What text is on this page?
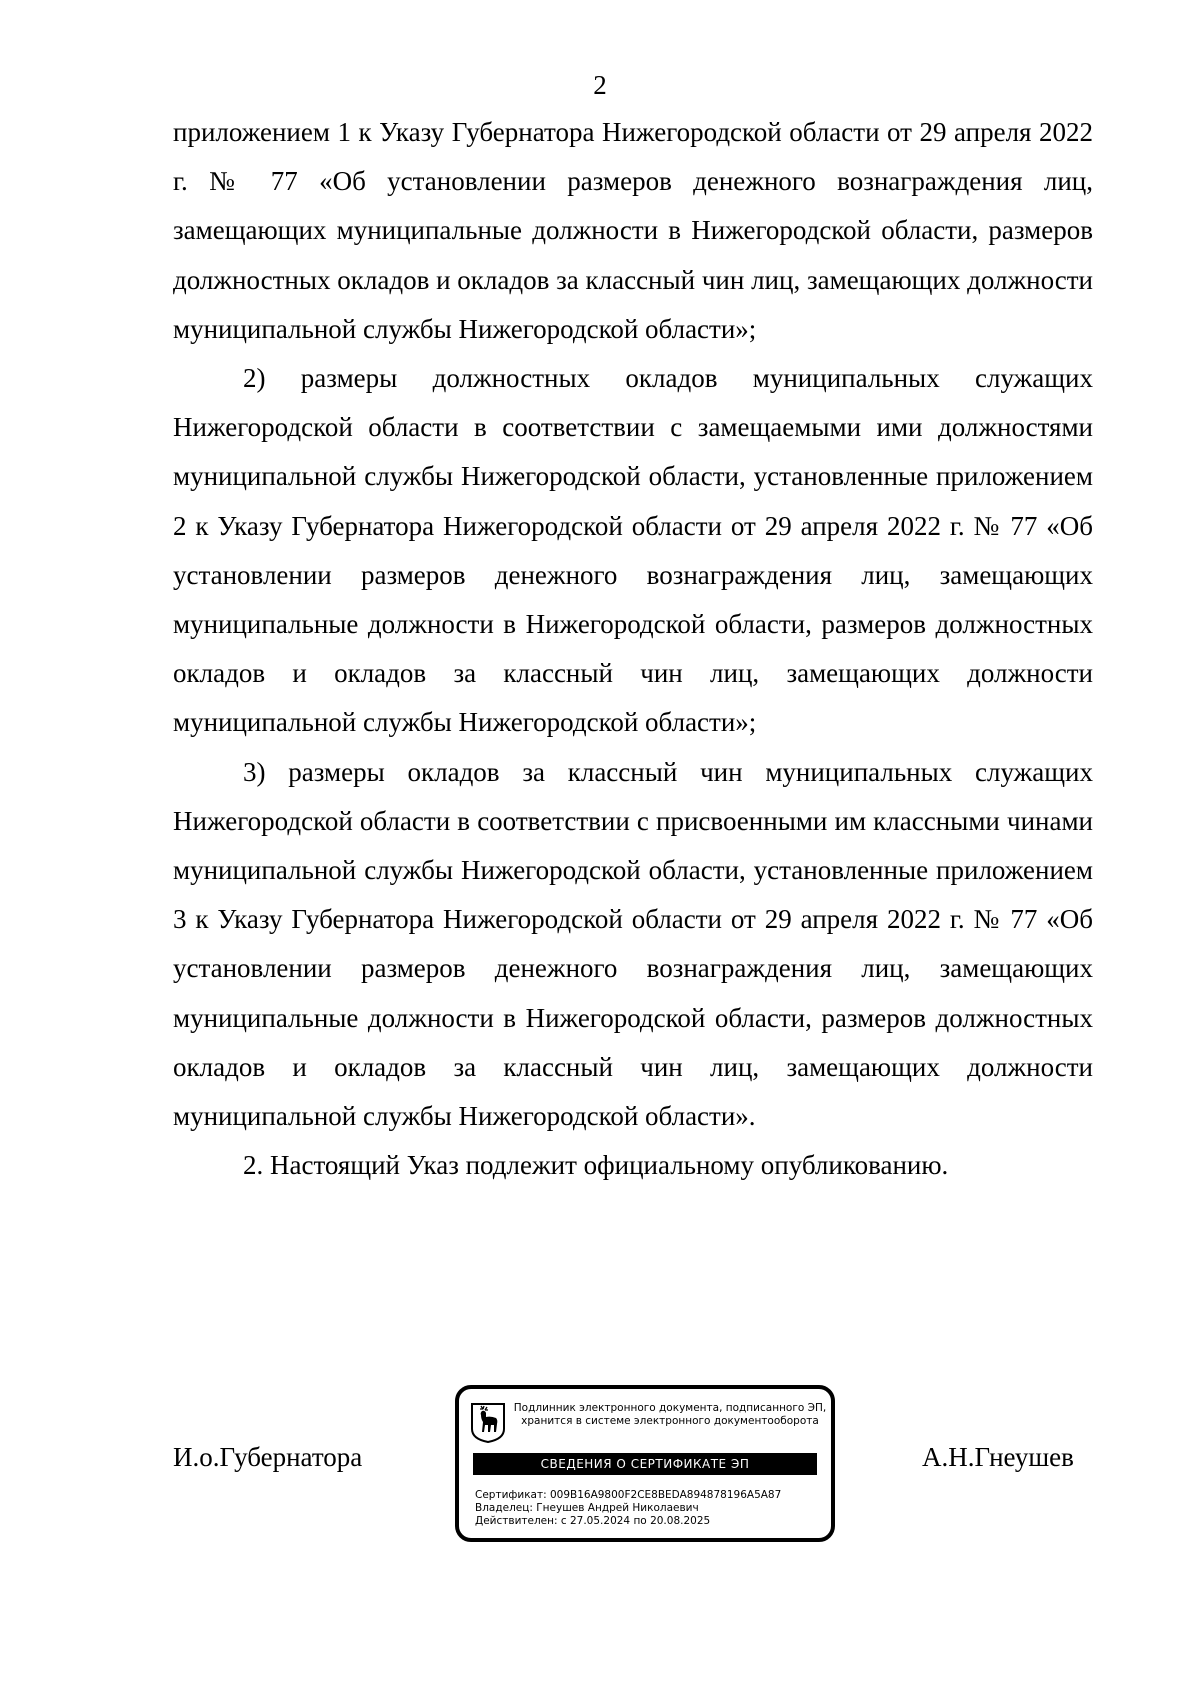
2

приложением 1 к Указу Губернатора Нижегородской области от 29 апреля 2022 г. № 77 «Об установлении размеров денежного вознаграждения лиц, замещающих муниципальные должности в Нижегородской области, размеров должностных окладов и окладов за классный чин лиц, замещающих должности муниципальной службы Нижегородской области»;

2) размеры должностных окладов муниципальных служащих Нижегородской области в соответствии с замещаемыми ими должностями муниципальной службы Нижегородской области, установленные приложением 2 к Указу Губернатора Нижегородской области от 29 апреля 2022 г. № 77 «Об установлении размеров денежного вознаграждения лиц, замещающих муниципальные должности в Нижегородской области, размеров должностных окладов и окладов за классный чин лиц, замещающих должности муниципальной службы Нижегородской области»;

3) размеры окладов за классный чин муниципальных служащих Нижегородской области в соответствии с присвоенными им классными чинами муниципальной службы Нижегородской области, установленные приложением 3 к Указу Губернатора Нижегородской области от 29 апреля 2022 г. № 77 «Об установлении размеров денежного вознаграждения лиц, замещающих муниципальные должности в Нижегородской области, размеров должностных окладов и окладов за классный чин лиц, замещающих должности муниципальной службы Нижегородской области».

2. Настоящий Указ подлежит официальному опубликованию.

И.о.Губернатора
Подлинник электронного документа, подписанного ЭП,
хранится в системе электронного документооборота
СВЕДЕНИЯ О СЕРТИФИКАТЕ ЭП
Сертификат: 009B16A9800F2CE8BEDA894878196A5A87
Владелец: Гнеушев Андрей Николаевич
Действителен: с 27.05.2024 по 20.08.2025
А.Н.Гнеушев
